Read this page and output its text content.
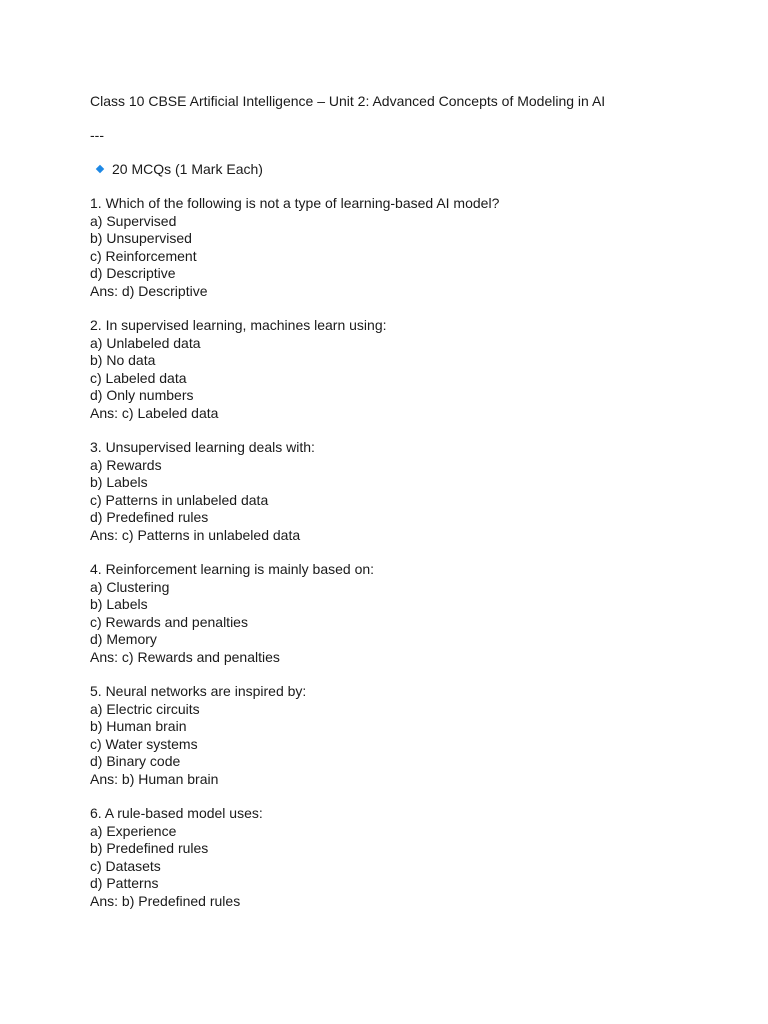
Class 10 CBSE Artificial Intelligence – Unit 2: Advanced Concepts of Modeling in AI

---
20 MCQs (1 Mark Each)
1. Which of the following is not a type of learning-based AI model?
a) Supervised
b) Unsupervised
c) Reinforcement
d) Descriptive
Ans: d) Descriptive
2. In supervised learning, machines learn using:
a) Unlabeled data
b) No data
c) Labeled data
d) Only numbers
Ans: c) Labeled data
3. Unsupervised learning deals with:
a) Rewards
b) Labels
c) Patterns in unlabeled data
d) Predefined rules
Ans: c) Patterns in unlabeled data
4. Reinforcement learning is mainly based on:
a) Clustering
b) Labels
c) Rewards and penalties
d) Memory
Ans: c) Rewards and penalties
5. Neural networks are inspired by:
a) Electric circuits
b) Human brain
c) Water systems
d) Binary code
Ans: b) Human brain
6. A rule-based model uses:
a) Experience
b) Predefined rules
c) Datasets
d) Patterns
Ans: b) Predefined rules
